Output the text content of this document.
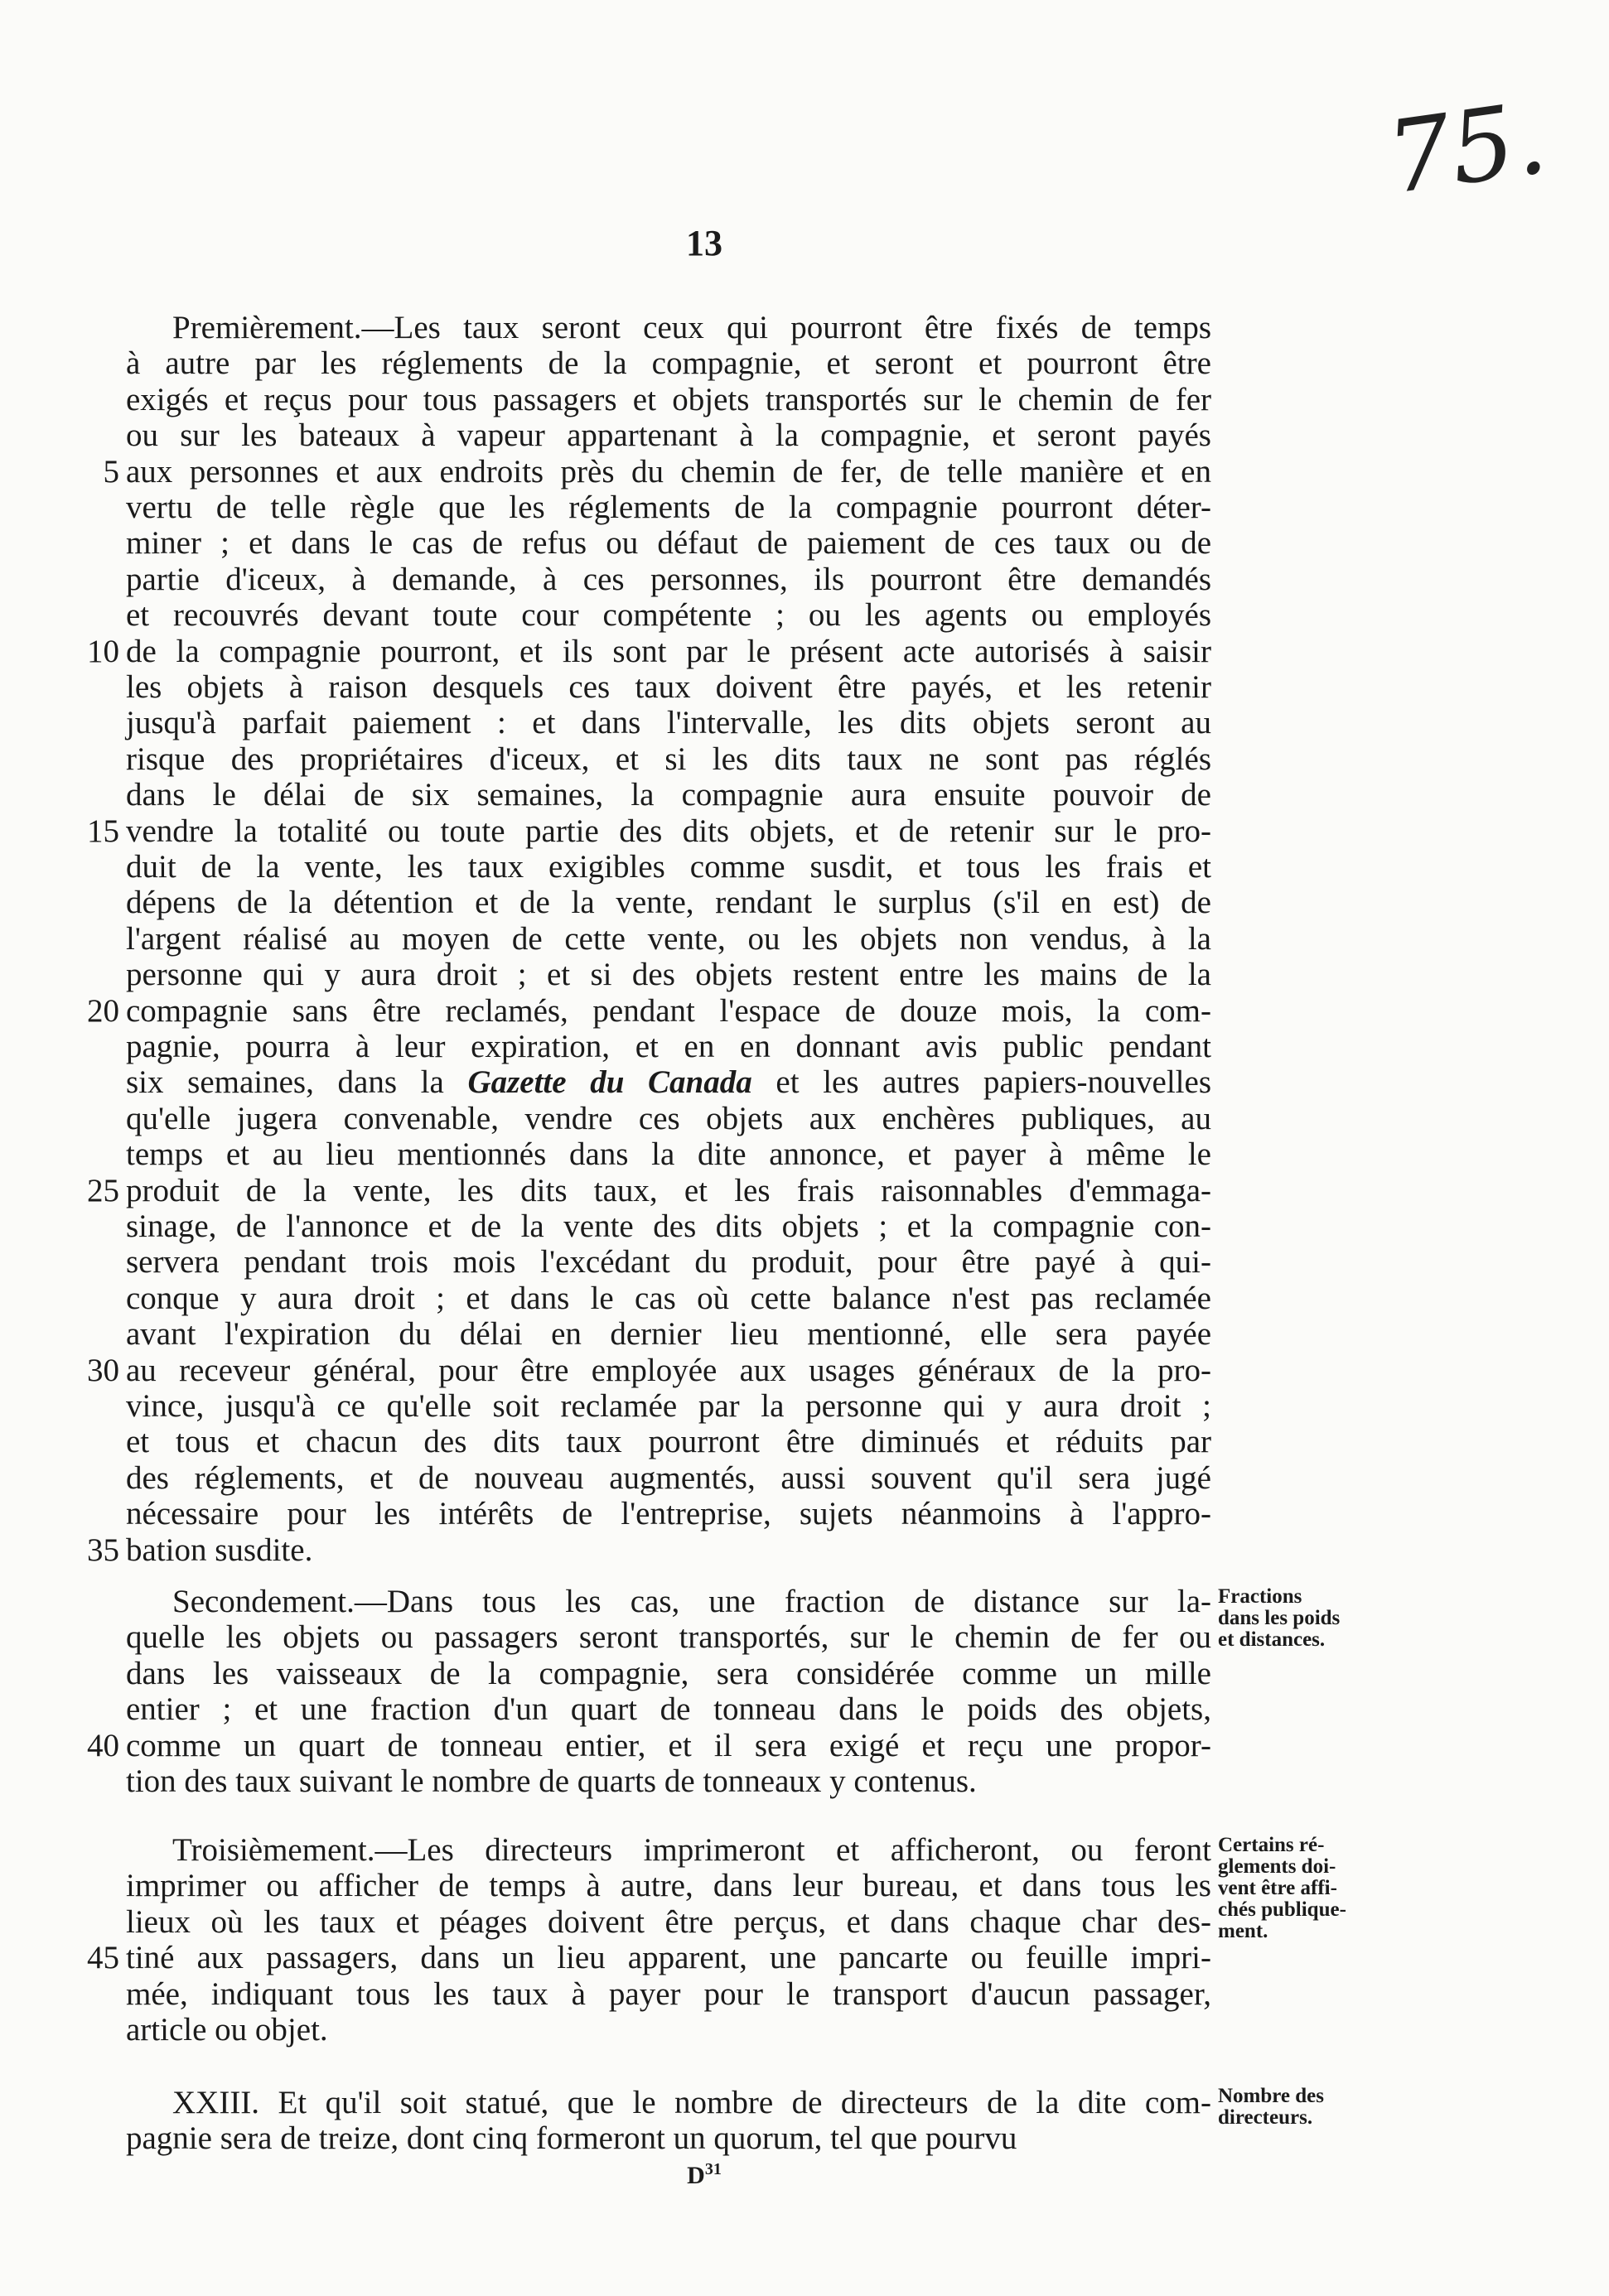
75.
13
Premièrement.—Les taux seront ceux qui pourront être fixés de temps
à autre par les réglements de la compagnie, et seront et pourront être
exigés et reçus pour tous passagers et objets transportés sur le chemin de fer
ou sur les bateaux à vapeur appartenant à la compagnie, et seront payés
5 aux personnes et aux endroits près du chemin de fer, de telle manière et en
vertu de telle règle que les réglements de la compagnie pourront déter-
miner ; et dans le cas de refus ou défaut de paiement de ces taux ou de
partie d'iceux, à demande, à ces personnes, ils pourront être demandés
et recouvrés devant toute cour compétente ; ou les agents ou employés
10 de la compagnie pourront, et ils sont par le présent acte autorisés à saisir
les objets à raison desquels ces taux doivent être payés, et les retenir
jusqu'à parfait paiement : et dans l'intervalle, les dits objets seront au
risque des propriétaires d'iceux, et si les dits taux ne sont pas réglés
dans le délai de six semaines, la compagnie aura ensuite pouvoir de
15 vendre la totalité ou toute partie des dits objets, et de retenir sur le pro-
duit de la vente, les taux exigibles comme susdit, et tous les frais et
dépens de la détention et de la vente, rendant le surplus (s'il en est) de
l'argent réalisé au moyen de cette vente, ou les objets non vendus, à la
personne qui y aura droit ; et si des objets restent entre les mains de la
20 compagnie sans être reclamés, pendant l'espace de douze mois, la com-
pagnie, pourra à leur expiration, et en en donnant avis public pendant
six semaines, dans la Gazette du Canada et les autres papiers-nouvelles
qu'elle jugera convenable, vendre ces objets aux enchères publiques, au
temps et au lieu mentionnés dans la dite annonce, et payer à même le
25 produit de la vente, les dits taux, et les frais raisonnables d'emmaga-
sinage, de l'annonce et de la vente des dits objets ; et la compagnie con-
servera pendant trois mois l'excédant du produit, pour être payé à qui-
conque y aura droit ; et dans le cas où cette balance n'est pas reclamée
avant l'expiration du délai en dernier lieu mentionné, elle sera payée
30 au receveur général, pour être employée aux usages généraux de la pro-
vince, jusqu'à ce qu'elle soit reclamée par la personne qui y aura droit ;
et tous et chacun des dits taux pourront être diminués et réduits par
des réglements, et de nouveau augmentés, aussi souvent qu'il sera jugé
nécessaire pour les intérêts de l'entreprise, sujets néanmoins à l'appro-
35 bation susdite.
Secondement.—Dans tous les cas, une fraction de distance sur la-
quelle les objets ou passagers seront transportés, sur le chemin de fer ou
dans les vaisseaux de la compagnie, sera considérée comme un mille
entier ; et une fraction d'un quart de tonneau dans le poids des objets,
40 comme un quart de tonneau entier, et il sera exigé et reçu une propor-
tion des taux suivant le nombre de quarts de tonneaux y contenus.
Troisièmement.—Les directeurs imprimeront et afficheront, ou feront
imprimer ou afficher de temps à autre, dans leur bureau, et dans tous les
lieux où les taux et péages doivent être perçus, et dans chaque char des-
45 tiné aux passagers, dans un lieu apparent, une pancarte ou feuille impri-
mée, indiquant tous les taux à payer pour le transport d'aucun passager,
article ou objet.
XXIII. Et qu'il soit statué, que le nombre de directeurs de la dite com-
pagnie sera de treize, dont cinq formeront un quorum, tel que pourvu
Fractions
dans les poids
et distances.
Certains ré-
glements doi-
vent être affi-
chés publique-
ment.
Nombre des
directeurs.
$D^{31}$
